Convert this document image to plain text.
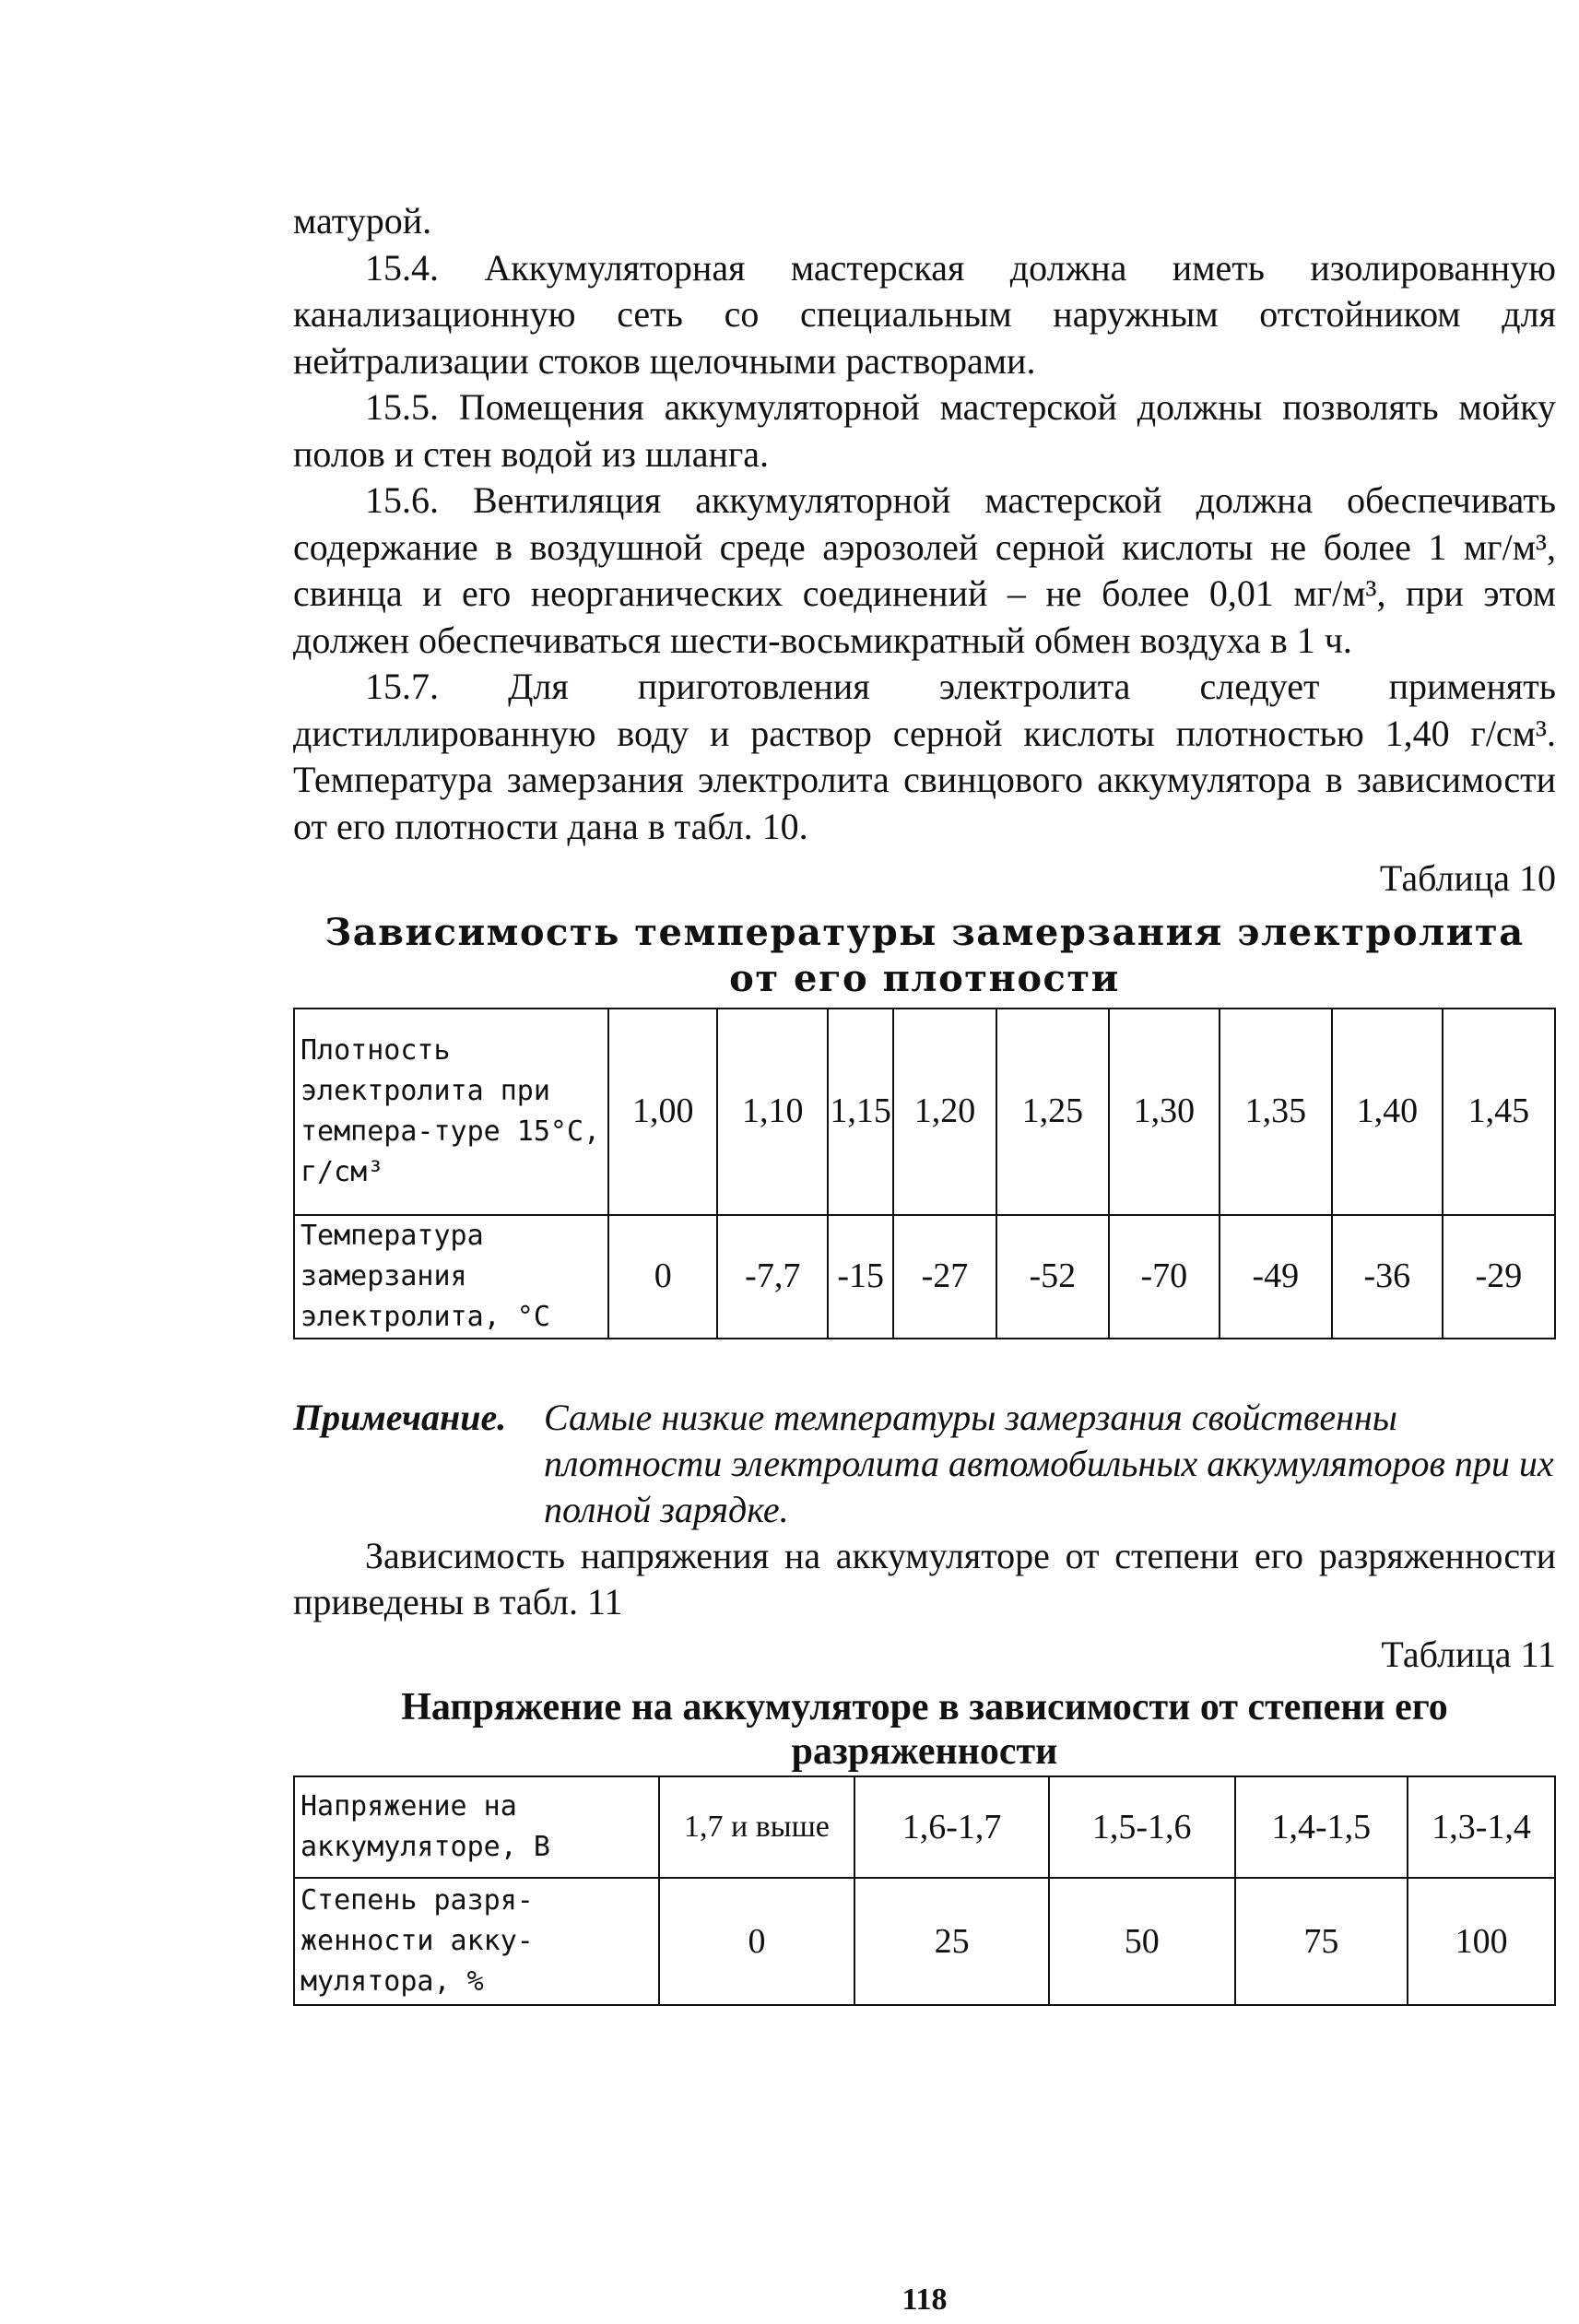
матурой.

15.4. Аккумуляторная мастерская должна иметь изолированную канализационную сеть со специальным наружным отстойником для нейтрализации стоков щелочными растворами.

15.5. Помещения аккумуляторной мастерской должны позволять мойку полов и стен водой из шланга.

15.6. Вентиляция аккумуляторной мастерской должна обеспечивать содержание в воздушной среде аэрозолей серной кислоты не более 1 мг/м³, свинца и его неорганических соединений – не более 0,01 мг/м³, при этом должен обеспечиваться шести-восьмикратный обмен воздуха в 1 ч.

15.7. Для приготовления электролита следует применять дистиллированную воду и раствор серной кислоты плотностью 1,40 г/см³. Температура замерзания электролита свинцового аккумулятора в зависимости от его плотности дана в табл. 10.

Таблица 10

Зависимость температуры замерзания электролита от его плотности

Плотность электролита при темпера-туре 15°С, г/см³	1,00	1,10	1,15	1,20	1,25	1,30	1,35	1,40	1,45
Температура замерзания электролита, °С	0	-7,7	-15	-27	-52	-70	-49	-36	-29
Примечание. Самые низкие температуры замерзания свойственны плотности электролита автомобильных аккумуляторов при их полной зарядке.

Зависимость напряжения на аккумуляторе от степени его разряженности приведены в табл. 11

Таблица 11

Напряжение на аккумуляторе в зависимости от степени его разряженности

Напряжение на аккумуляторе, В	1,7 и выше	1,6-1,7	1,5-1,6	1,4-1,5	1,3-1,4
Степень разря-женности акку-мулятора, %	0	25	50	75	100
118
